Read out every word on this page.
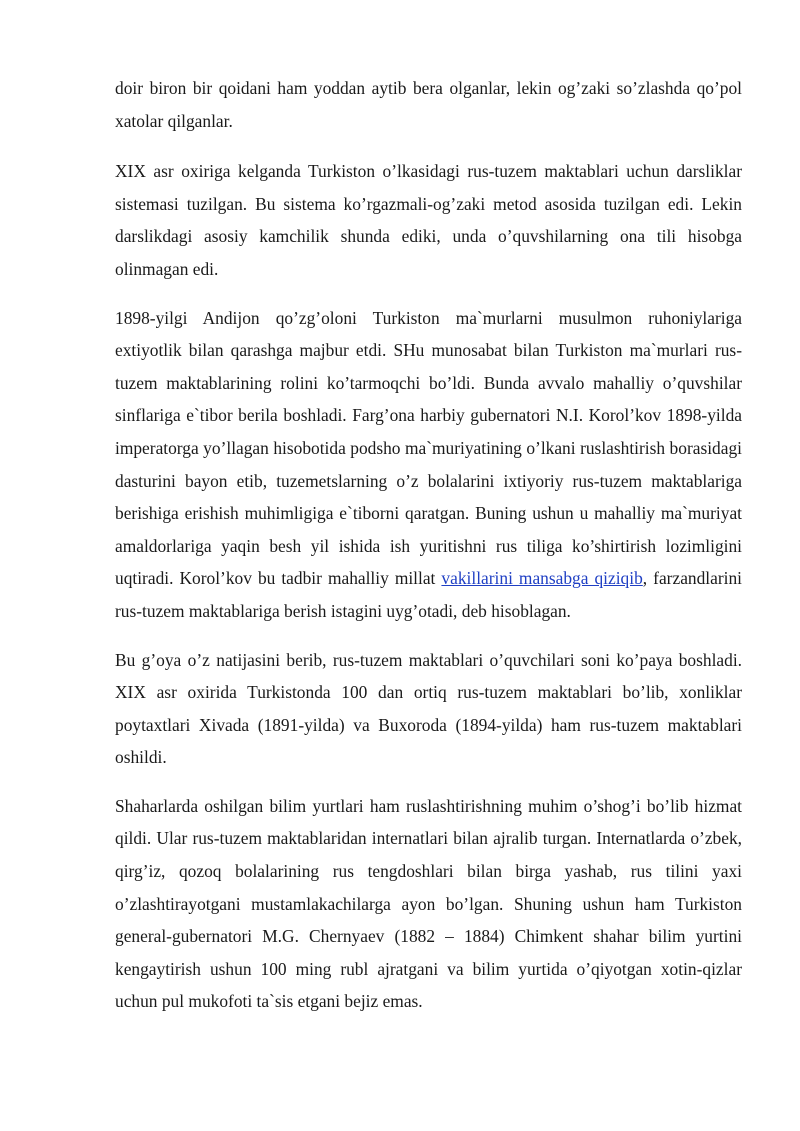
doir biron bir qoidani ham yoddan aytib bera olganlar, lekin og’zaki so’zlashda qo’pol xatolar qilganlar.

XIX asr oxiriga kelganda Turkiston o’lkasidagi rus-tuzem maktablari uchun darsliklar sistemasi tuzilgan. Bu sistema ko’rgazmali-og’zaki metod asosida tuzilgan edi. Lekin darslikdagi asosiy kamchilik shunda ediki, unda o’quvshilarning ona tili hisobga olinmagan edi.

1898-yilgi Andijon qo’zg’oloni Turkiston ma`murlarni musulmon ruhoniylariga extiyotlik bilan qarashga majbur etdi. SHu munosabat bilan Turkiston ma`murlari rus-tuzem maktablarining rolini ko’tarmoqchi bo’ldi. Bunda avvalo mahalliy o’quvshilar sinflariga e`tibor berila boshladi. Farg’ona harbiy gubernatori N.I. Korol’kov 1898-yilda imperatorga yo’llagan hisobotida podsho ma`muriyatining o’lkani ruslashtirish borasidagi dasturini bayon etib, tuzemetslarning o’z bolalarini ixtiyoriy rus-tuzem maktablariga berishiga erishish muhimligiga e`tiborni qaratgan. Buning ushun u mahalliy ma`muriyat amaldorlariga yaqin besh yil ishida ish yuritishni rus tiliga ko’shirtirish lozimligini uqtiradi. Korol’kov bu tadbir mahalliy millat vakillarini mansabga qiziqib, farzandlarini rus-tuzem maktablariga berish istagini uyg’otadi, deb hisoblagan.

Bu g’oya o’z natijasini berib, rus-tuzem maktablari o’quvchilari soni ko’paya boshladi. XIX asr oxirida Turkistonda 100 dan ortiq rus-tuzem maktablari bo’lib, xonliklar poytaxtlari Xivada (1891-yilda) va Buxoroda (1894-yilda) ham rus-tuzem maktablari oshildi.

Shaharlarda oshilgan bilim yurtlari ham ruslashtirishning muhim o’shog’i bo’lib hizmat qildi. Ular rus-tuzem maktablaridan internatlari bilan ajralib turgan. Internatlarda o’zbek, qirg’iz, qozoq bolalarining rus tengdoshlari bilan birga yashab, rus tilini yaxi o’zlashtirayotgani mustamlakachilarga ayon bo’lgan. Shuning ushun ham Turkiston general-gubernatori M.G. Chernyaev (1882 – 1884) Chimkent shahar bilim yurtini kengaytirish ushun 100 ming rubl ajratgani va bilim yurtida o’qiyotgan xotin-qizlar uchun pul mukofoti ta`sis etgani bejiz emas.
